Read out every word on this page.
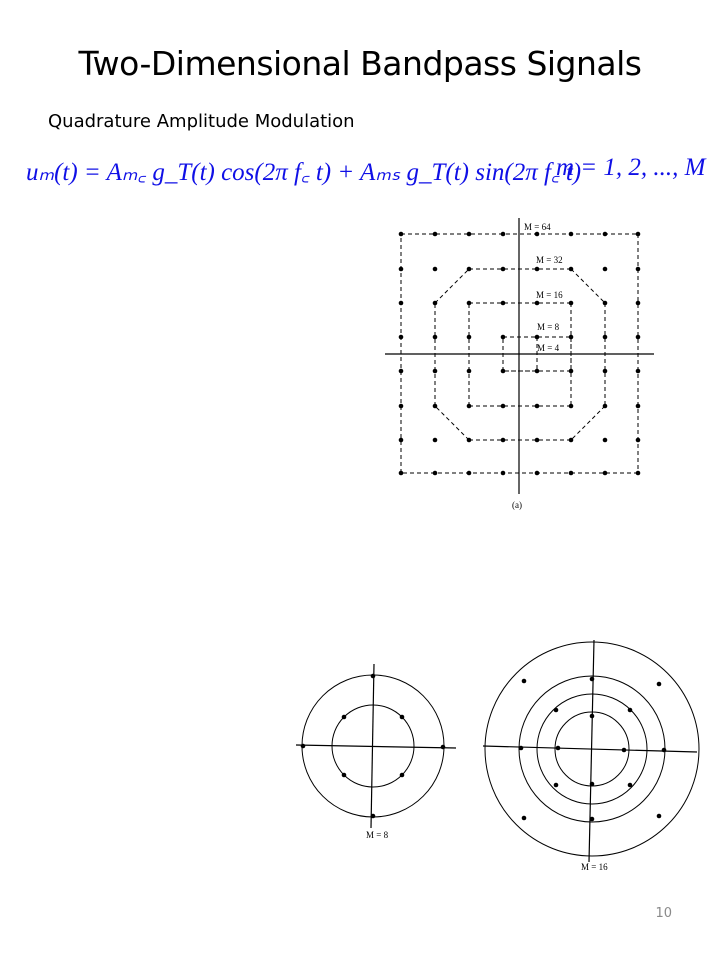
Two-Dimensional Bandpass Signals
Quadrature Amplitude Modulation
uₘ(t) = Aₘ꜀ g_T(t) cos(2π f꜀ t) + Aₘₛ g_T(t) sin(2π f꜀ t)
m = 1, 2, ..., M
M = 64
M = 32
M = 16
M = 8
M = 4
(a)
M = 8
M = 16
10
